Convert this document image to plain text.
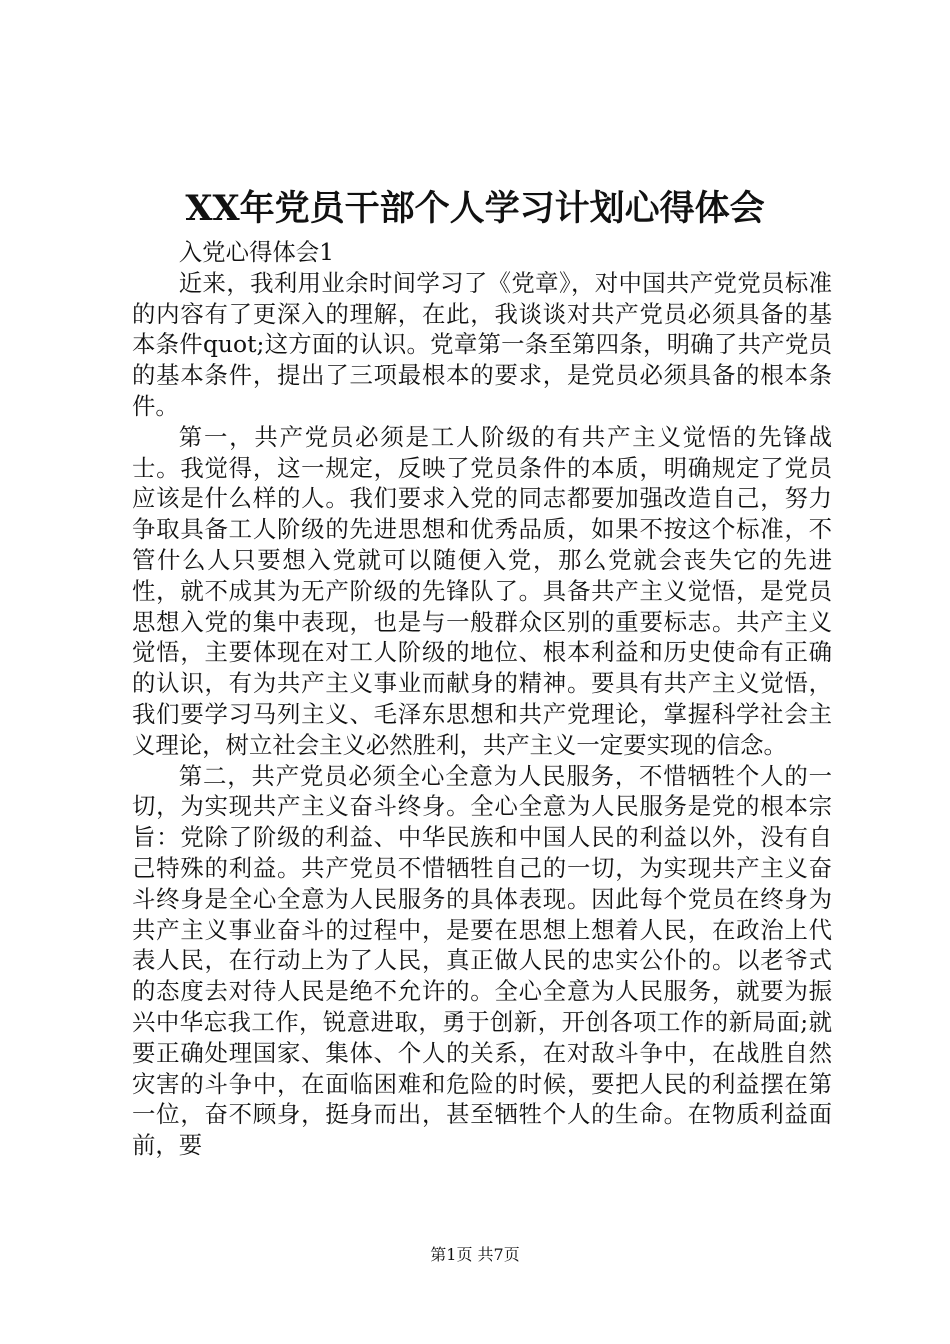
XX年党员干部个人学习计划心得体会

入党心得体会1

近来，我利用业余时间学习了《党章》，对中国共产党党员标准的内容有了更深入的理解，在此，我谈谈对共产党员必须具备的基本条件quot;这方面的认识。党章第一条至第四条，明确了共产党员的基本条件，提出了三项最根本的要求，是党员必须具备的根本条件。

第一，共产党员必须是工人阶级的有共产主义觉悟的先锋战士。我觉得，这一规定，反映了党员条件的本质，明确规定了党员应该是什么样的人。我们要求入党的同志都要加强改造自己，努力争取具备工人阶级的先进思想和优秀品质，如果不按这个标准，不管什么人只要想入党就可以随便入党，那么党就会丧失它的先进性，就不成其为无产阶级的先锋队了。具备共产主义觉悟，是党员思想入党的集中表现，也是与一般群众区别的重要标志。共产主义觉悟，主要体现在对工人阶级的地位、根本利益和历史使命有正确的认识，有为共产主义事业而献身的精神。要具有共产主义觉悟，我们要学习马列主义、毛泽东思想和共产党理论，掌握科学社会主义理论，树立社会主义必然胜利，共产主义一定要实现的信念。

第二，共产党员必须全心全意为人民服务，不惜牺牲个人的一切，为实现共产主义奋斗终身。全心全意为人民服务是党的根本宗旨：党除了阶级的利益、中华民族和中国人民的利益以外，没有自己特殊的利益。共产党员不惜牺牲自己的一切，为实现共产主义奋斗终身是全心全意为人民服务的具体表现。因此每个党员在终身为共产主义事业奋斗的过程中，是要在思想上想着人民，在政治上代表人民，在行动上为了人民，真正做人民的忠实公仆的。以老爷式的态度去对待人民是绝不允许的。全心全意为人民服务，就要为振兴中华忘我工作，锐意进取，勇于创新，开创各项工作的新局面;就要正确处理国家、集体、个人的关系，在对敌斗争中，在战胜自然灾害的斗争中，在面临困难和危险的时候，要把人民的利益摆在第一位，奋不顾身，挺身而出，甚至牺牲个人的生命。在物质利益面前，要

第1页 共7页
